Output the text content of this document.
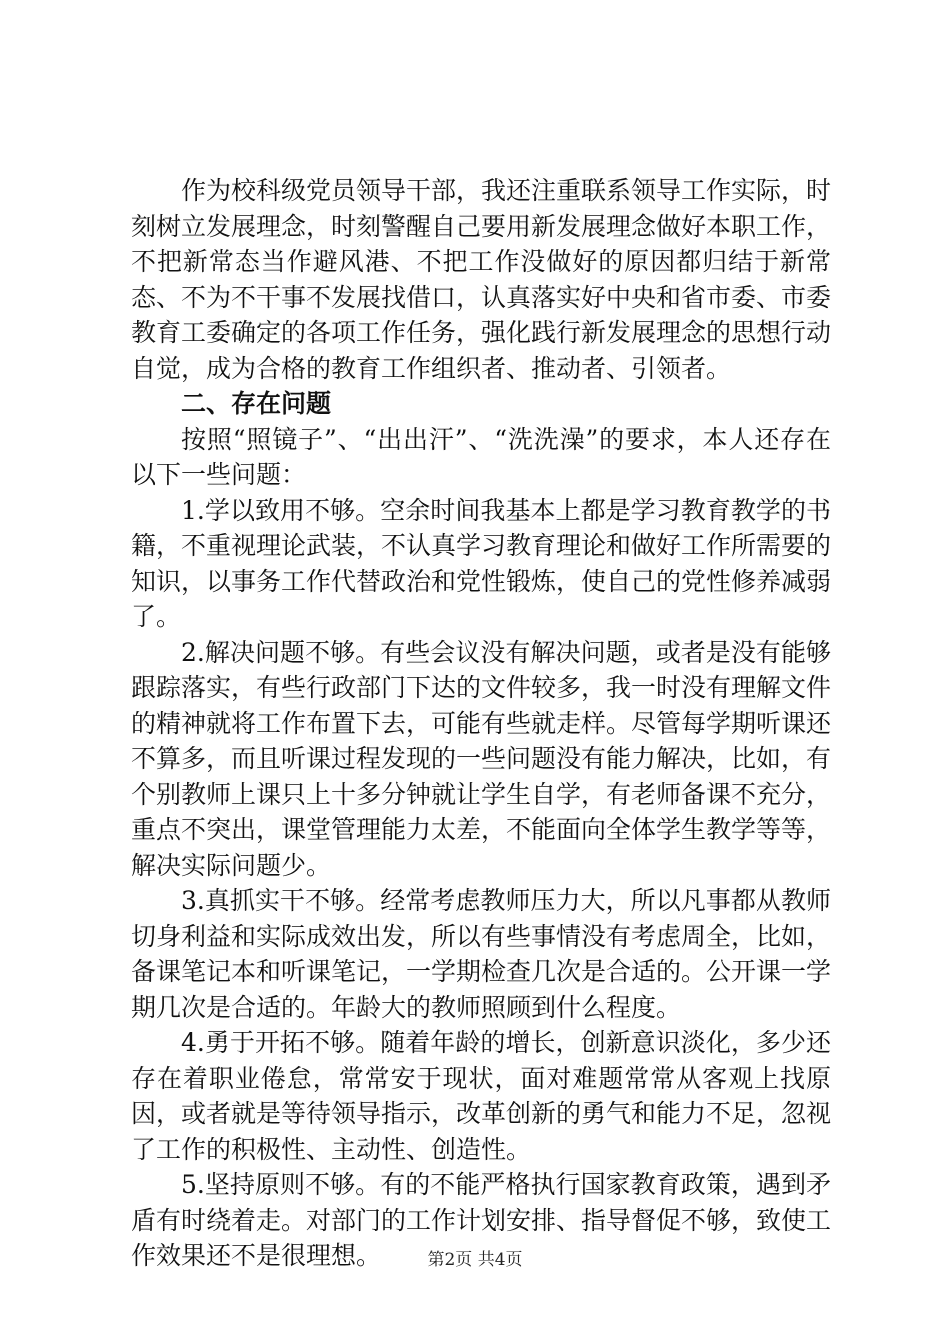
作为校科级党员领导干部，我还注重联系领导工作实际，时刻树立发展理念，时刻警醒自己要用新发展理念做好本职工作，不把新常态当作避风港、不把工作没做好的原因都归结于新常态、不为不干事不发展找借口，认真落实好中央和省市委、市委教育工委确定的各项工作任务，强化践行新发展理念的思想行动自觉，成为合格的教育工作组织者、推动者、引领者。

二、存在问题

按照“照镜子”、“出出汗”、“洗洗澡”的要求，本人还存在以下一些问题：

1.学以致用不够。空余时间我基本上都是学习教育教学的书籍，不重视理论武装，不认真学习教育理论和做好工作所需要的知识，以事务工作代替政治和党性锻炼，使自己的党性修养减弱了。

2.解决问题不够。有些会议没有解决问题，或者是没有能够跟踪落实，有些行政部门下达的文件较多，我一时没有理解文件的精神就将工作布置下去，可能有些就走样。尽管每学期听课还不算多，而且听课过程发现的一些问题没有能力解决，比如，有个别教师上课只上十多分钟就让学生自学，有老师备课不充分，重点不突出，课堂管理能力太差，不能面向全体学生教学等等，解决实际问题少。

3.真抓实干不够。经常考虑教师压力大，所以凡事都从教师切身利益和实际成效出发，所以有些事情没有考虑周全，比如，备课笔记本和听课笔记，一学期检查几次是合适的。公开课一学期几次是合适的。年龄大的教师照顾到什么程度。

4.勇于开拓不够。随着年龄的增长，创新意识淡化，多少还存在着职业倦怠，常常安于现状，面对难题常常从客观上找原因，或者就是等待领导指示，改革创新的勇气和能力不足，忽视了工作的积极性、主动性、创造性。

5.坚持原则不够。有的不能严格执行国家教育政策，遇到矛盾有时绕着走。对部门的工作计划安排、指导督促不够，致使工作效果还不是很理想。	第2页 共4页
